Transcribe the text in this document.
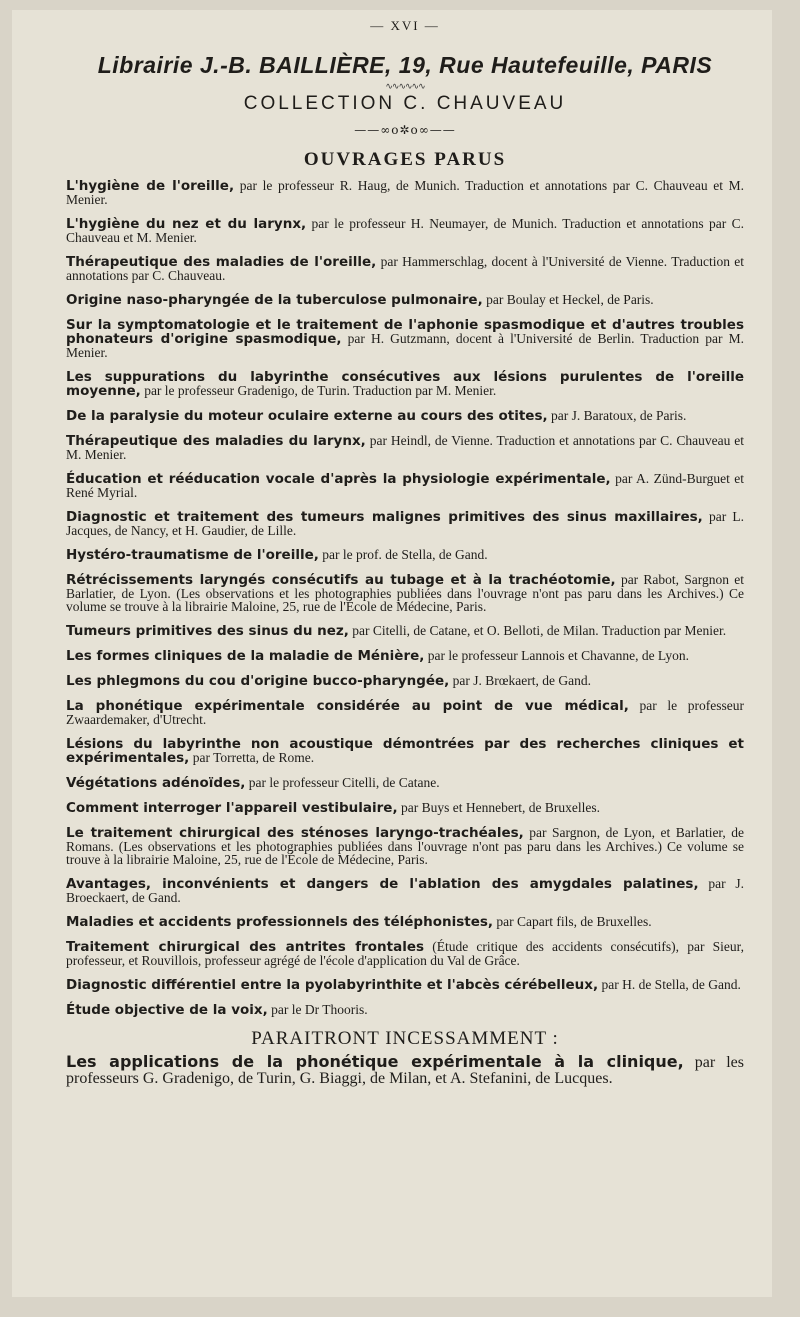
— XVI —
Librairie J.-B. BAILLIÈRE, 19, Rue Hautefeuille, PARIS
∿∿∿∿∿∿
COLLECTION C. CHAUVEAU
——∞o✲o∞——
OUVRAGES PARUS
L'hygiène de l'oreille, par le professeur R. Haug, de Munich. Traduction et annotations par C. Chauveau et M. Menier.
L'hygiène du nez et du larynx, par le professeur H. Neumayer, de Munich. Traduction et annotations par C. Chauveau et M. Menier.
Thérapeutique des maladies de l'oreille, par Hammerschlag, docent à l'Université de Vienne. Traduction et annotations par C. Chauveau.
Origine naso-pharyngée de la tuberculose pulmonaire, par Boulay et Heckel, de Paris.
Sur la symptomatologie et le traitement de l'aphonie spasmodique et d'autres troubles phonateurs d'origine spasmodique, par H. Gutzmann, docent à l'Université de Berlin. Traduction par M. Menier.
Les suppurations du labyrinthe consécutives aux lésions purulentes de l'oreille moyenne, par le professeur Gradenigo, de Turin. Traduction par M. Menier.
De la paralysie du moteur oculaire externe au cours des otites, par J. Baratoux, de Paris.
Thérapeutique des maladies du larynx, par Heindl, de Vienne. Traduction et annotations par C. Chauveau et M. Menier.
Éducation et rééducation vocale d'après la physiologie expérimentale, par A. Zünd-Burguet et René Myrial.
Diagnostic et traitement des tumeurs malignes primitives des sinus maxillaires, par L. Jacques, de Nancy, et H. Gaudier, de Lille.
Hystéro-traumatisme de l'oreille, par le prof. de Stella, de Gand.
Rétrécissements laryngés consécutifs au tubage et à la trachéotomie, par Rabot, Sargnon et Barlatier, de Lyon. (Les observations et les photographies publiées dans l'ouvrage n'ont pas paru dans les Archives.) Ce volume se trouve à la librairie Maloine, 25, rue de l'École de Médecine, Paris.
Tumeurs primitives des sinus du nez, par Citelli, de Catane, et O. Belloti, de Milan. Traduction par Menier.
Les formes cliniques de la maladie de Ménière, par le professeur Lannois et Chavanne, de Lyon.
Les phlegmons du cou d'origine bucco-pharyngée, par J. Brœkaert, de Gand.
La phonétique expérimentale considérée au point de vue médical, par le professeur Zwaardemaker, d'Utrecht.
Lésions du labyrinthe non acoustique démontrées par des recherches cliniques et expérimentales, par Torretta, de Rome.
Végétations adénoïdes, par le professeur Citelli, de Catane.
Comment interroger l'appareil vestibulaire, par Buys et Hennebert, de Bruxelles.
Le traitement chirurgical des sténoses laryngo-trachéales, par Sargnon, de Lyon, et Barlatier, de Romans. (Les observations et les photographies publiées dans l'ouvrage n'ont pas paru dans les Archives.) Ce volume se trouve à la librairie Maloine, 25, rue de l'École de Médecine, Paris.
Avantages, inconvénients et dangers de l'ablation des amygdales palatines, par J. Broeckaert, de Gand.
Maladies et accidents professionnels des téléphonistes, par Capart fils, de Bruxelles.
Traitement chirurgical des antrites frontales (Étude critique des accidents consécutifs), par Sieur, professeur, et Rouvillois, professeur agrégé de l'école d'application du Val de Grâce.
Diagnostic différentiel entre la pyolabyrinthite et l'abcès cérébelleux, par H. de Stella, de Gand.
Étude objective de la voix, par le Dr Thooris.
PARAITRONT INCESSAMMENT :

Les applications de la phonétique expérimentale à la clinique, par les professeurs G. Gradenigo, de Turin, G. Biaggi, de Milan, et A. Stefanini, de Lucques.
